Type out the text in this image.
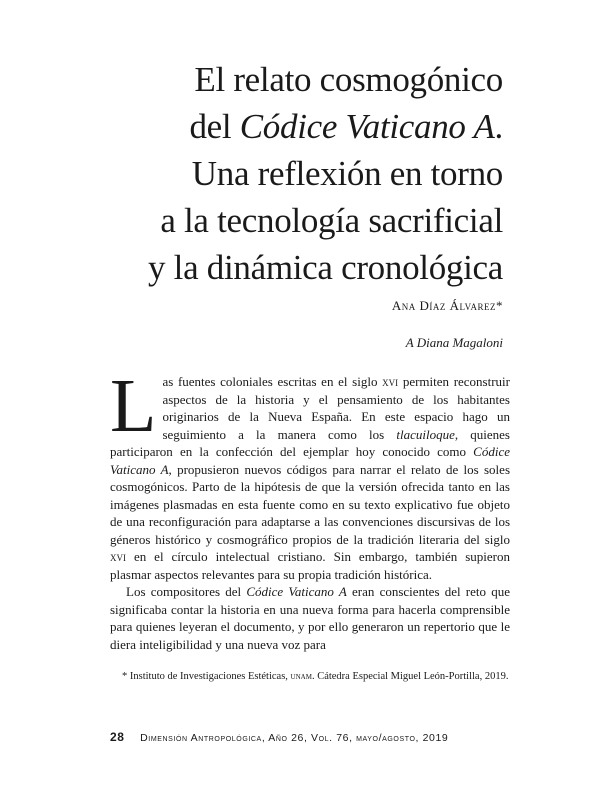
El relato cosmogónico
del Códice Vaticano A.
Una reflexión en torno
a la tecnología sacrificial
y la dinámica cronológica
Ana Díaz Álvarez*
A Diana Magaloni

Las fuentes coloniales escritas en el siglo xvi permiten reconstruir aspectos de la historia y el pensamiento de los habitantes originarios de la Nueva España. En este espacio hago un seguimiento a la manera como los tlacuiloque, quienes participaron en la confección del ejemplar hoy conocido como Códice Vaticano A, propusieron nuevos códigos para narrar el relato de los soles cosmogónicos. Parto de la hipótesis de que la versión ofrecida tanto en las imágenes plasmadas en esta fuente como en su texto explicativo fue objeto de una reconfiguración para adaptarse a las convenciones discursivas de los géneros histórico y cosmográfico propios de la tradición literaria del siglo xvi en el círculo intelectual cristiano. Sin embargo, también supieron plasmar aspectos relevantes para su propia tradición histórica.

Los compositores del Códice Vaticano A eran conscientes del reto que significaba contar la historia en una nueva forma para hacerla comprensible para quienes leyeran el documento, y por ello generaron un repertorio que le diera inteligibilidad y una nueva voz para

* Instituto de Investigaciones Estéticas, unam. Cátedra Especial Miguel León-Portilla, 2019.
28 Dimensión Antropológica, Año 26, Vol. 76, mayo/agosto, 2019
